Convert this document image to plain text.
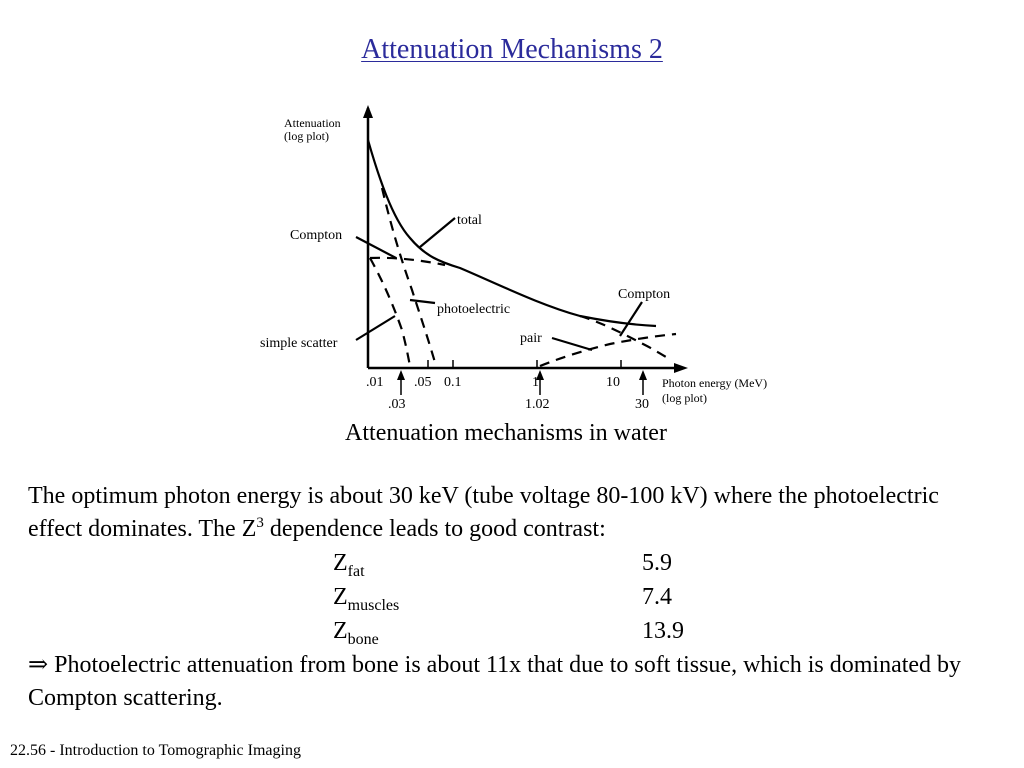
Attenuation Mechanisms 2
Attenuation
(log plot)
Photon energy (MeV)
(log plot)
.01 .05 0.1	1	10
.03	1.02	30
total
Compton
Compton
photoelectric
simple scatter	pair
Attenuation mechanisms in water
The optimum photon energy is about 30 keV (tube voltage 80-100 kV) where the photoelectric effect dominates. The $Z^3$ dependence leads to good contrast:
$Z_{fat}$	5.9
$Z_{muscles}$	7.4
$Z_{bone}$	13.9
⇒ Photoelectric attenuation from bone is about 11x that due to soft tissue, which is dominated by Compton scattering.
22.56 - Introduction to Tomographic Imaging
